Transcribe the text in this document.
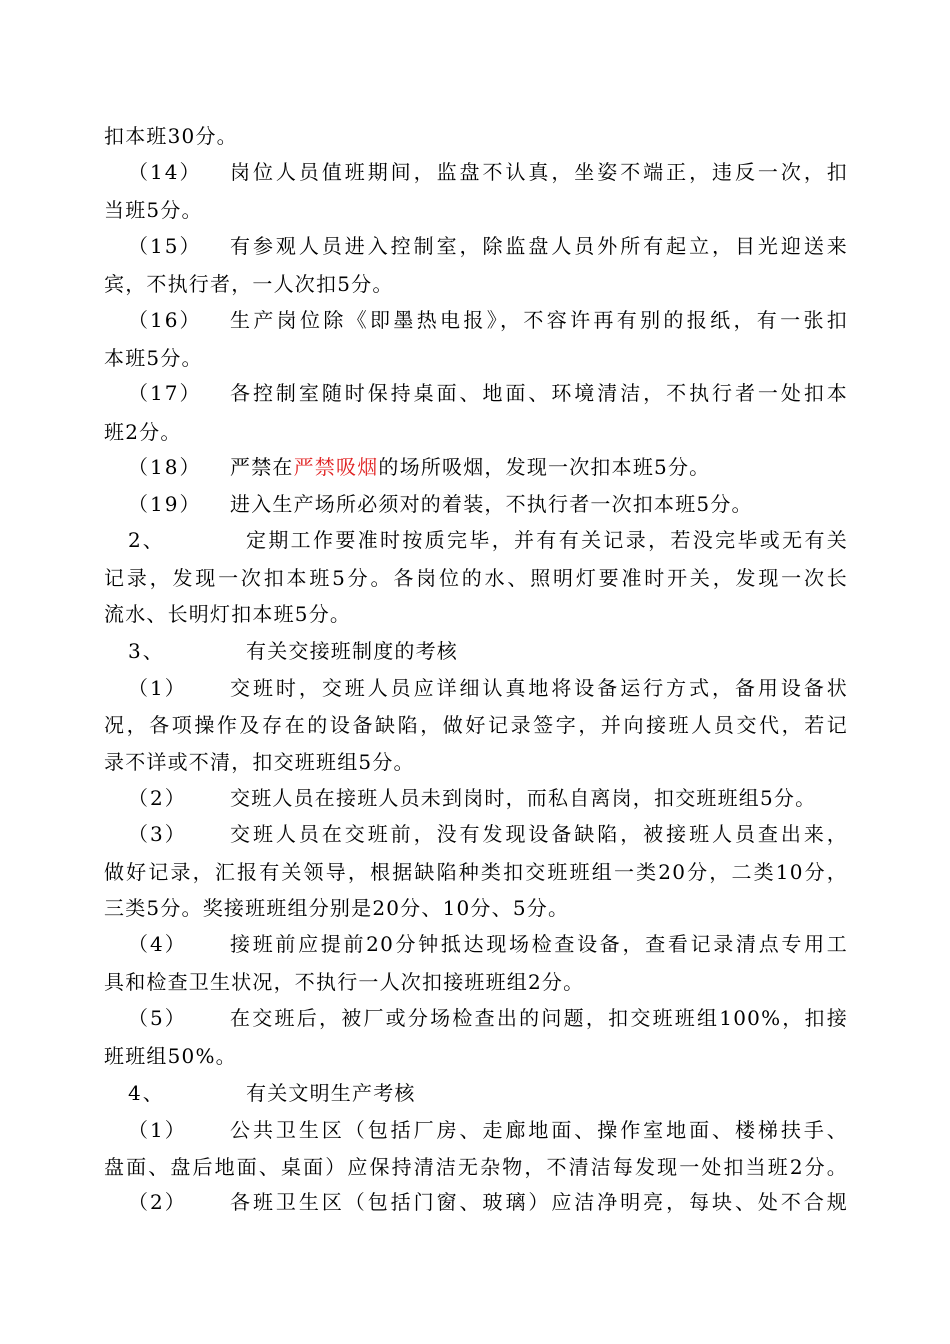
扣本班30分。
（14） 岗位人员值班期间，监盘不认真，坐姿不端正，违反一次，扣
当班5分。
（15） 有参观人员进入控制室，除监盘人员外所有起立，目光迎送来
宾，不执行者，一人次扣5分。
（16） 生产岗位除《即墨热电报》，不容许再有别的报纸，有一张扣
本班5分。
（17） 各控制室随时保持桌面、地面、环境清洁，不执行者一处扣本
班2分。
（18） 严禁在严禁吸烟的场所吸烟，发现一次扣本班5分。
（19） 进入生产场所必须对的着装，不执行者一次扣本班5分。
2、	定期工作要准时按质完毕，并有有关记录，若没完毕或无有关
记录，发现一次扣本班5分。各岗位的水、照明灯要准时开关，发现一次长
流水、长明灯扣本班5分。
3、	有关交接班制度的考核
（1） 交班时，交班人员应详细认真地将设备运行方式，备用设备状
况，各项操作及存在的设备缺陷，做好记录签字，并向接班人员交代，若记
录不详或不清，扣交班班组5分。
（2） 交班人员在接班人员未到岗时，而私自离岗，扣交班班组5分。
（3） 交班人员在交班前，没有发现设备缺陷，被接班人员查出来，
做好记录，汇报有关领导，根据缺陷种类扣交班班组一类20分，二类10分，
三类5分。奖接班班组分别是20分、10分、5分。
（4） 接班前应提前20分钟抵达现场检查设备，查看记录清点专用工
具和检查卫生状况，不执行一人次扣接班班组2分。
（5） 在交班后，被厂或分场检查出的问题，扣交班班组100%，扣接
班班组50%。
4、	有关文明生产考核
（1） 公共卫生区（包括厂房、走廊地面、操作室地面、楼梯扶手、
盘面、盘后地面、桌面）应保持清洁无杂物，不清洁每发现一处扣当班2分。
（2） 各班卫生区（包括门窗、玻璃）应洁净明亮，每块、处不合规
